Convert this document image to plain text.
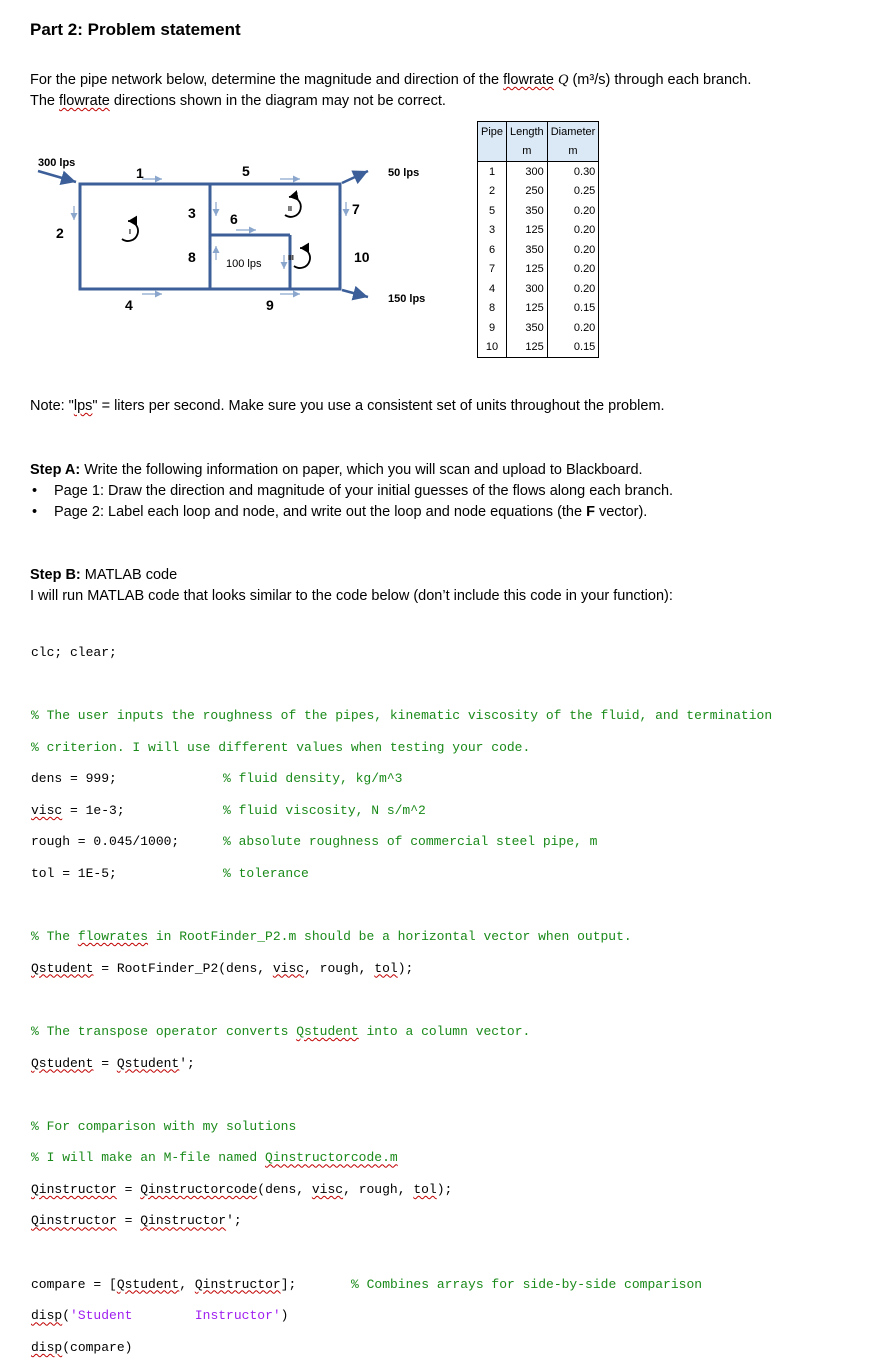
Part 2: Problem statement
For the pipe network below, determine the magnitude and direction of the flowrate Q (m³/s) through each branch.
The flowrate directions shown in the diagram may not be correct.
300 lps
50 lps
150 lps
100 lps
1
2
3
4
5
6
7
8
9
10
I
II
III
Pipe	Length	Diameter
	m	m
1	300	0.30
2	250	0.25
5	350	0.20
3	125	0.20
6	350	0.20
7	125	0.20
4	300	0.20
8	125	0.15
9	350	0.20
10	125	0.15
Note: "lps" = liters per second. Make sure you use a consistent set of units throughout the problem.
Step A: Write the following information on paper, which you will scan and upload to Blackboard.
• Page 1: Draw the direction and magnitude of your initial guesses of the flows along each branch.
• Page 2: Label each loop and node, and write out the loop and node equations (the F vector).
Step B: MATLAB code
I will run MATLAB code that looks similar to the code below (don’t include this code in your function):

clc; clear;

% The user inputs the roughness of the pipes, kinematic viscosity of the fluid, and termination

% criterion. I will use different values when testing your code.

dens = 999;	% fluid density, kg/m^3

visc = 1e-3;	% fluid viscosity, N s/m^2

rough = 0.045/1000;	% absolute roughness of commercial steel pipe, m

tol = 1E-5;	% tolerance

% The flowrates in RootFinder_P2.m should be a horizontal vector when output.

Qstudent = RootFinder_P2(dens, visc, rough, tol);

% The transpose operator converts Qstudent into a column vector.

Qstudent = Qstudent';

% For comparison with my solutions

% I will make an M-file named Qinstructorcode.m

Qinstructor = Qinstructorcode(dens, visc, rough, tol);

Qinstructor = Qinstructor';

compare = [Qstudent, Qinstructor];	% Combines arrays for side-by-side comparison

disp('Student        Instructor')

disp(compare)
